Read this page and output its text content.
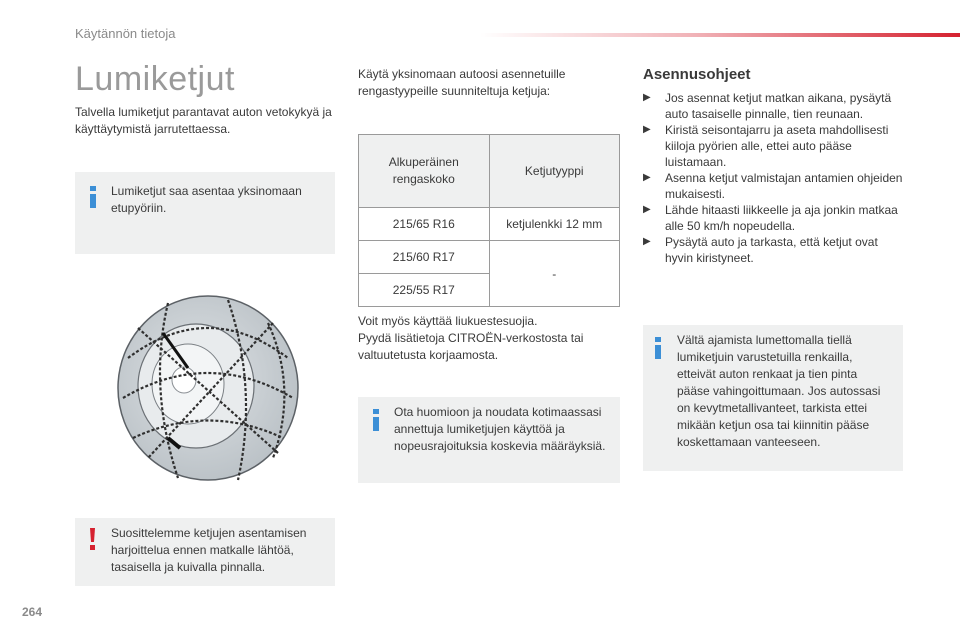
Käytännön tietoja
Lumiketjut
Talvella lumiketjut parantavat auton vetokykyä ja käyttäytymistä jarrutettaessa.
Lumiketjut saa asentaa yksinomaan etupyöriin.
Suosittelemme ketjujen asentamisen harjoittelua ennen matkalle lähtöä, tasaisella ja kuivalla pinnalla.
Käytä yksinomaan autoosi asennetuille rengastyypeille suunniteltuja ketjuja:
Alkuperäinen rengaskoko	Ketjutyyppi
215/65 R16	ketjulenkki 12 mm
215/60 R17	-
225/55 R17	
Voit myös käyttää liukuestesuojia.
Pyydä lisätietoja CITROËN-verkostosta tai valtuutetusta korjaamosta.
Ota huomioon ja noudata kotimaassasi annettuja lumiketjujen käyttöä ja nopeusrajoituksia koskevia määräyksiä.
Asennusohjeet
▶ Jos asennat ketjut matkan aikana, pysäytä auto tasaiselle pinnalle, tien reunaan.
▶ Kiristä seisontajarru ja aseta mahdollisesti kiiloja pyörien alle, ettei auto pääse luistamaan.
▶ Asenna ketjut valmistajan antamien ohjeiden mukaisesti.
▶ Lähde hitaasti liikkeelle ja aja jonkin matkaa alle 50 km/h nopeudella.
▶ Pysäytä auto ja tarkasta, että ketjut ovat hyvin kiristyneet.
Vältä ajamista lumettomalla tiellä lumiketjuin varustetuilla renkailla, etteivät auton renkaat ja tien pinta pääse vahingoittumaan. Jos autossasi on kevytmetallivanteet, tarkista ettei mikään ketjun osa tai kiinnitin pääse koskettamaan vanteeseen.
264
